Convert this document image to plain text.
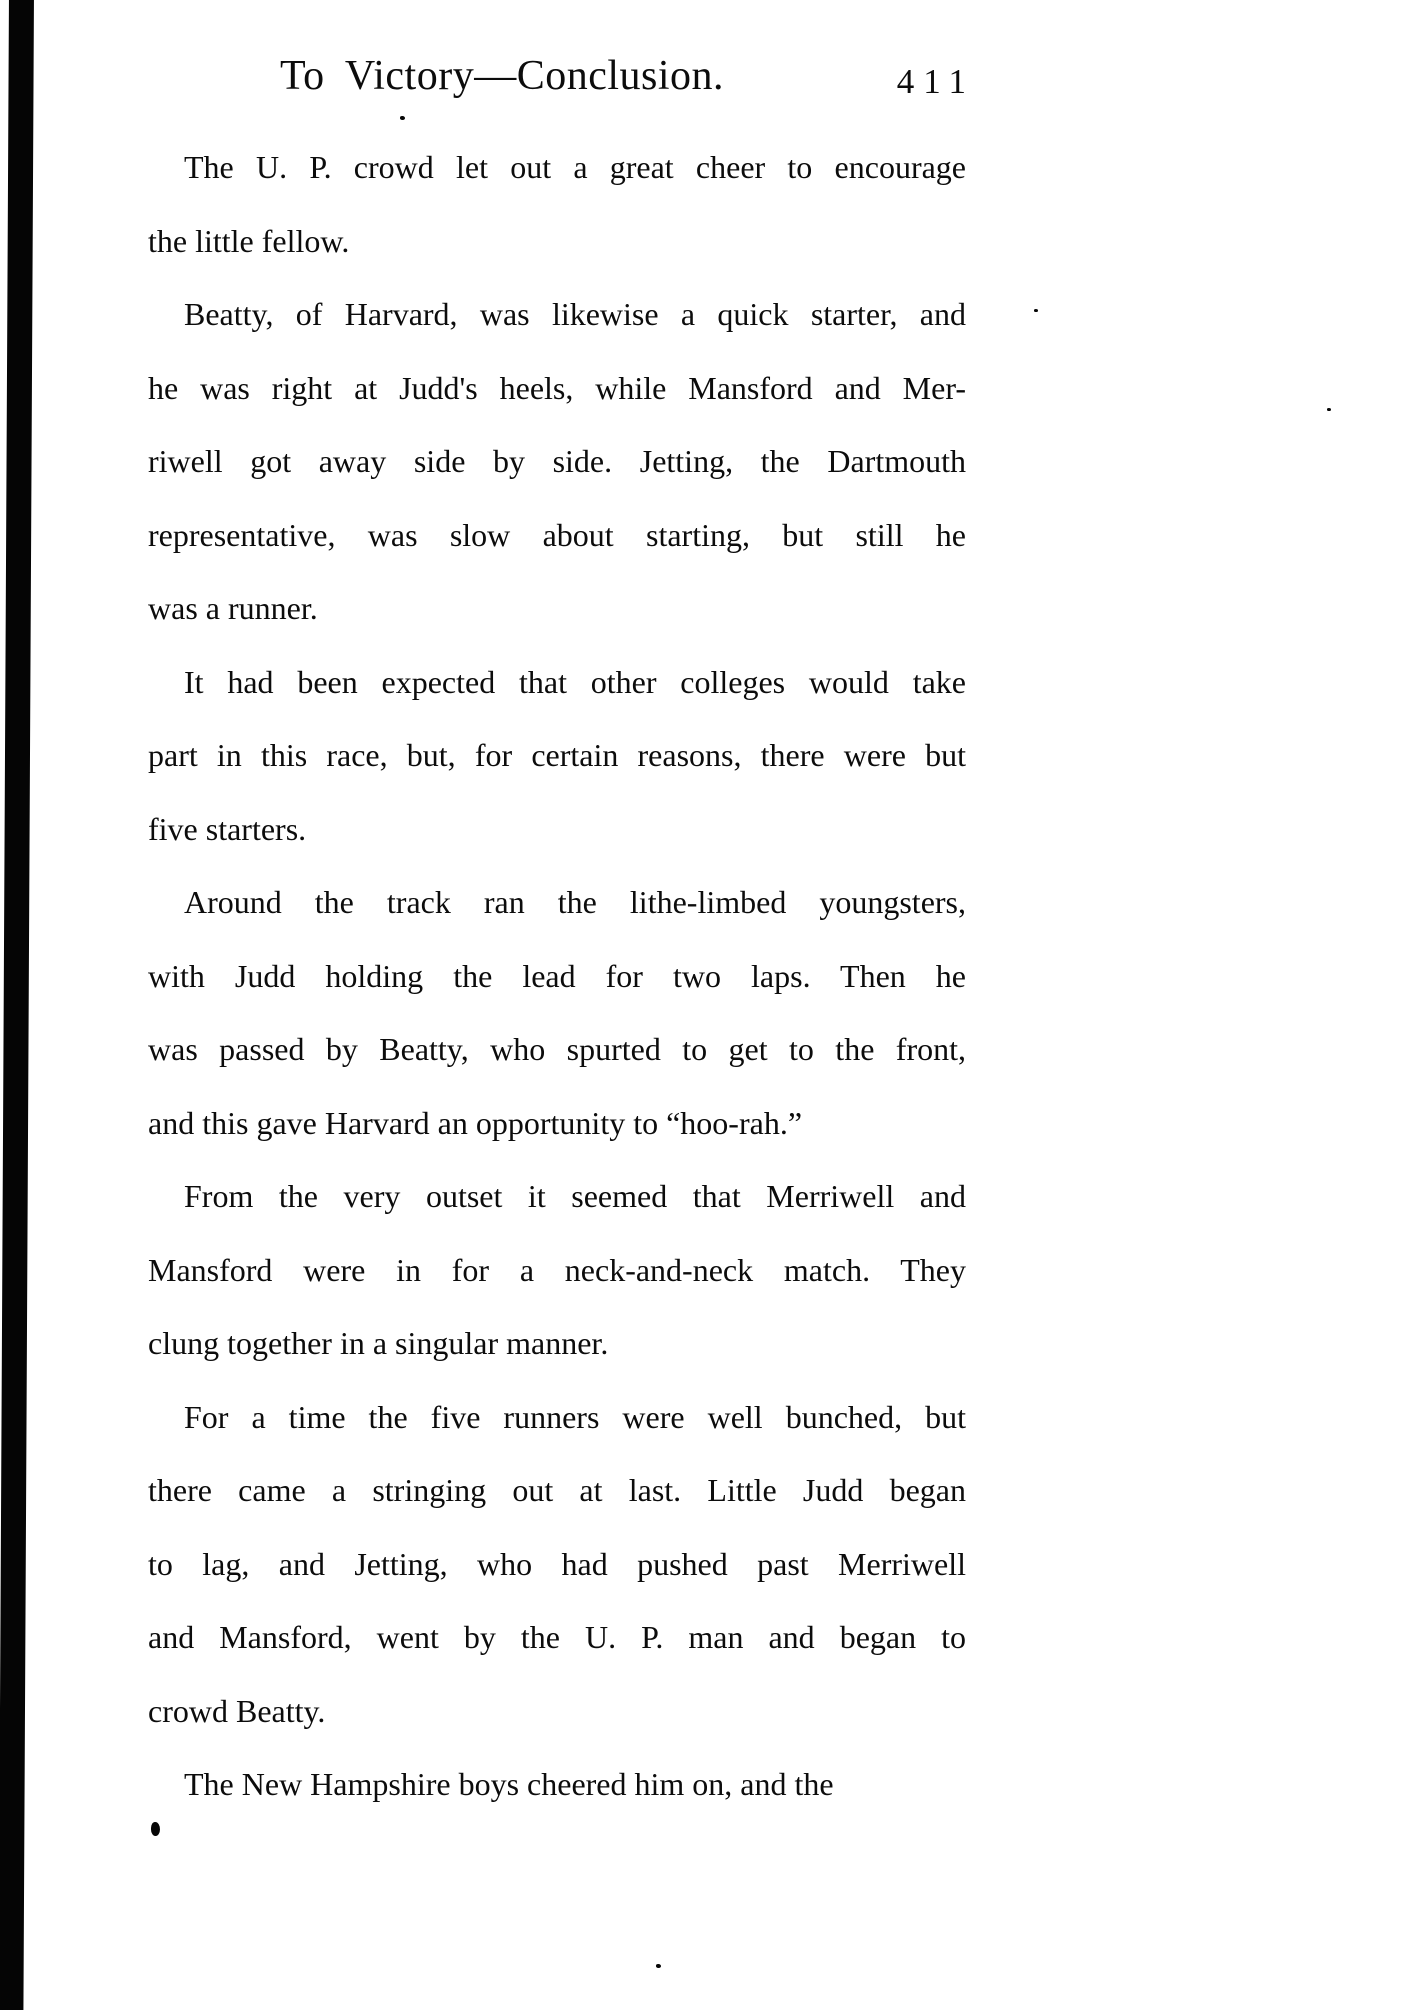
To Victory—Conclusion.	411
The U. P. crowd let out a great cheer to encourage
the little fellow.
Beatty, of Harvard, was likewise a quick starter, and
he was right at Judd's heels, while Mansford and Mer-
riwell got away side by side. Jetting, the Dartmouth
representative, was slow about starting, but still he
was a runner.
It had been expected that other colleges would take
part in this race, but, for certain reasons, there were but
five starters.
Around the track ran the lithe-limbed youngsters,
with Judd holding the lead for two laps. Then he
was passed by Beatty, who spurted to get to the front,
and this gave Harvard an opportunity to “hoo-rah.”
From the very outset it seemed that Merriwell and
Mansford were in for a neck-and-neck match. They
clung together in a singular manner.
For a time the five runners were well bunched, but
there came a stringing out at last. Little Judd began
to lag, and Jetting, who had pushed past Merriwell
and Mansford, went by the U. P. man and began to
crowd Beatty.
The New Hampshire boys cheered him on, and the
